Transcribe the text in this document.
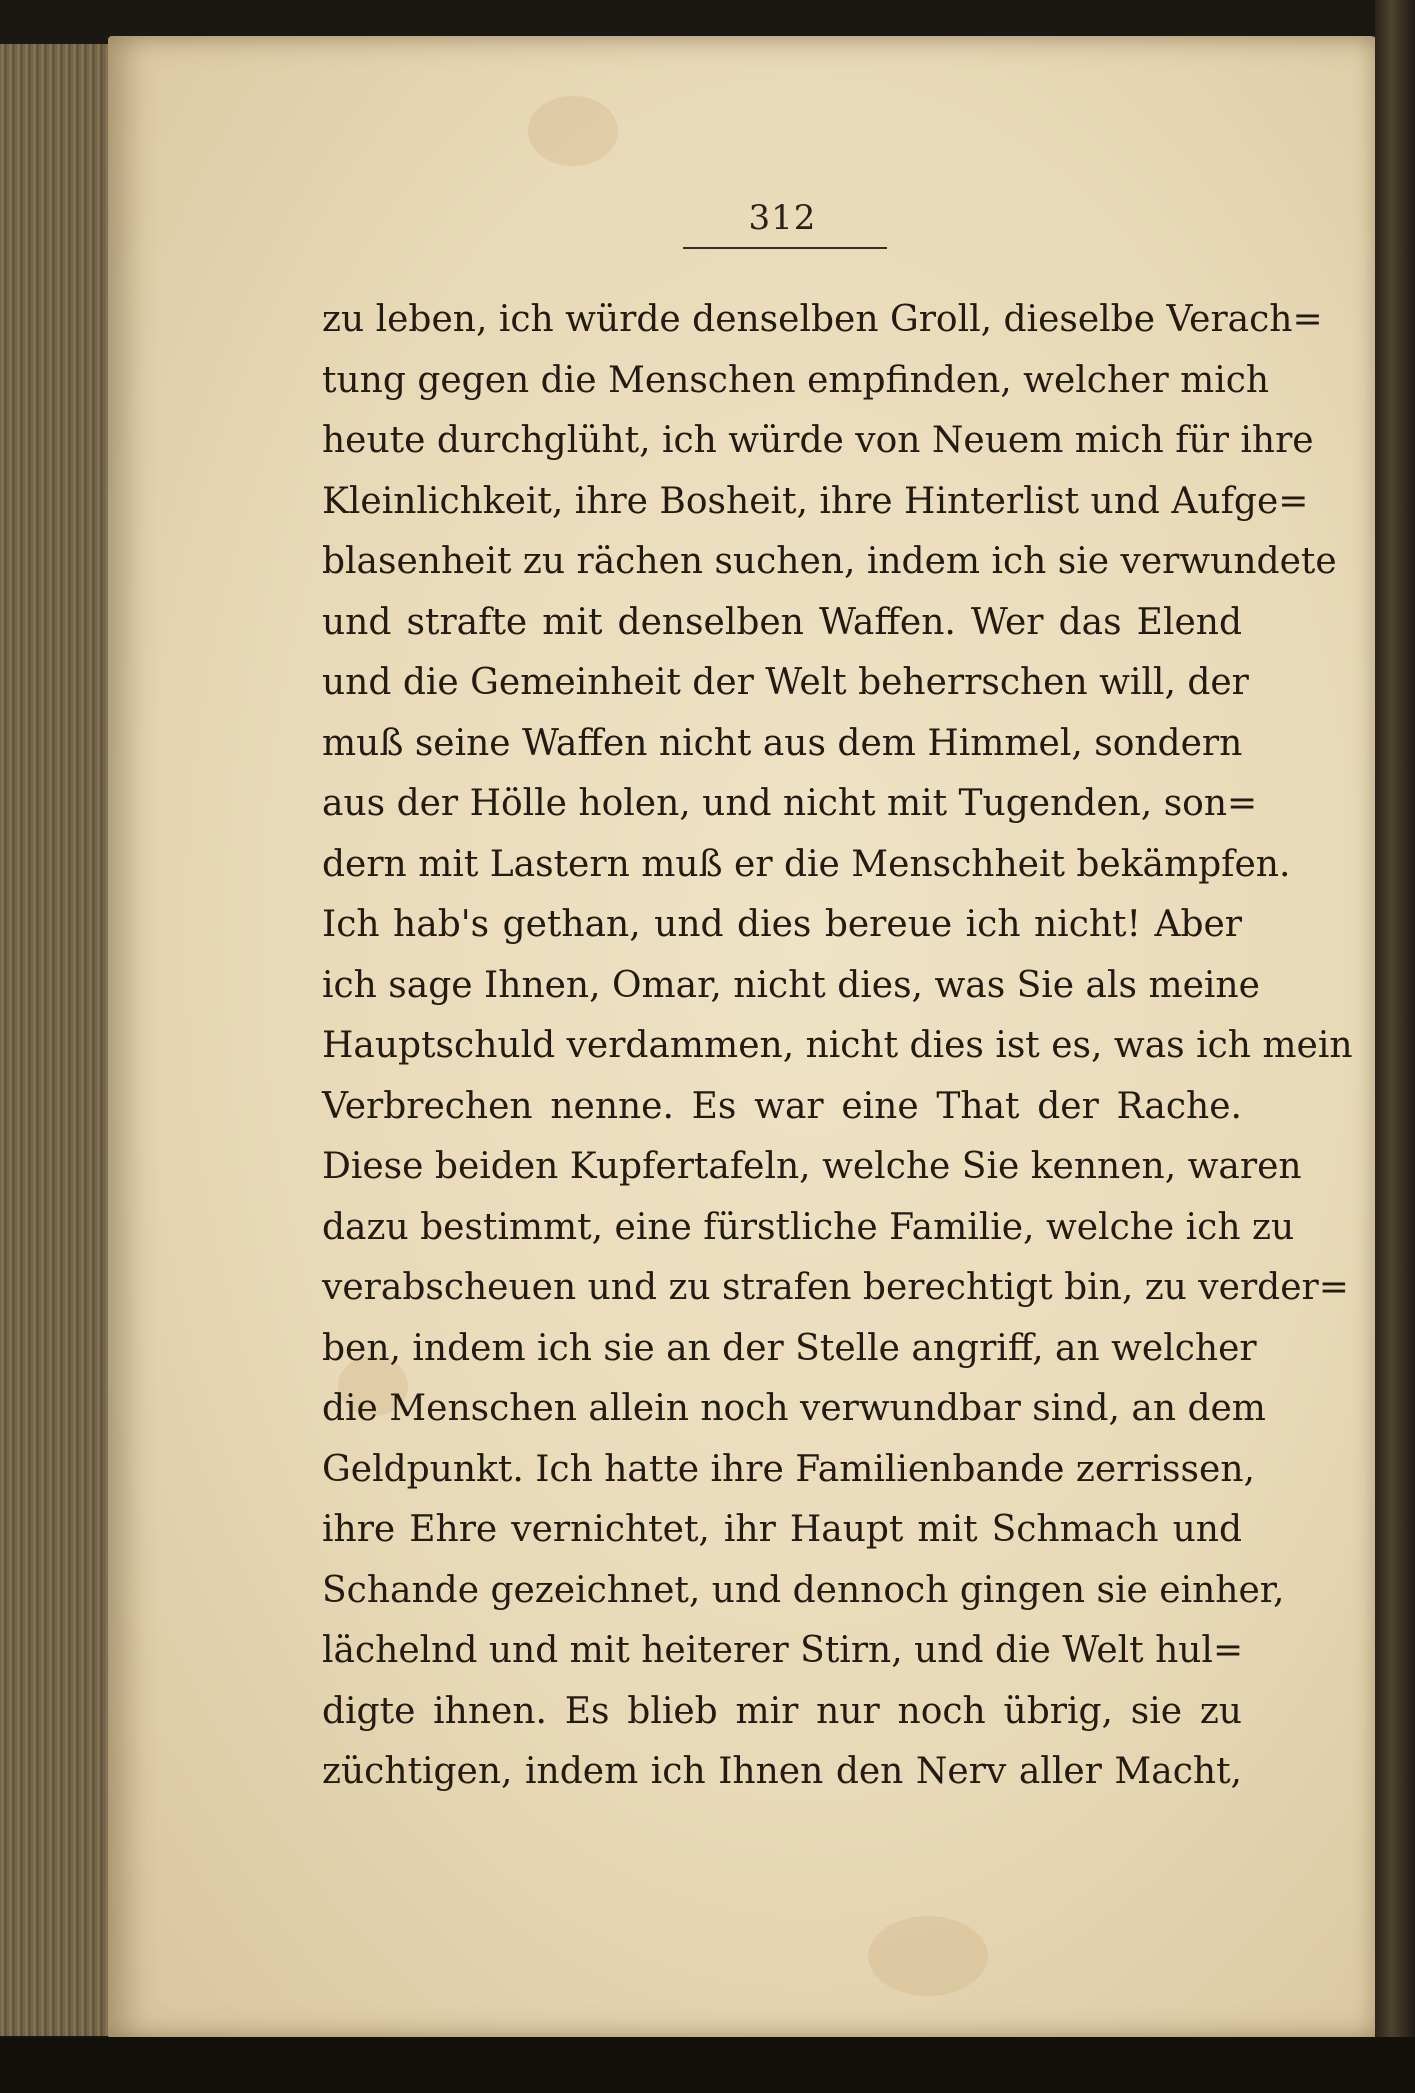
312
zu leben, ich würde denselben Groll, dieselbe Verach=
tung gegen die Menschen empfinden, welcher mich
heute durchglüht, ich würde von Neuem mich für ihre
Kleinlichkeit, ihre Bosheit, ihre Hinterlist und Aufge=
blasenheit zu rächen suchen, indem ich sie verwundete
und strafte mit denselben Waffen. Wer das Elend
und die Gemeinheit der Welt beherrschen will, der
muß seine Waffen nicht aus dem Himmel, sondern
aus der Hölle holen, und nicht mit Tugenden, son=
dern mit Lastern muß er die Menschheit bekämpfen.
Ich hab's gethan, und dies bereue ich nicht! Aber
ich sage Ihnen, Omar, nicht dies, was Sie als meine
Hauptschuld verdammen, nicht dies ist es, was ich mein
Verbrechen nenne. Es war eine That der Rache.
Diese beiden Kupfertafeln, welche Sie kennen, waren
dazu bestimmt, eine fürstliche Familie, welche ich zu
verabscheuen und zu strafen berechtigt bin, zu verder=
ben, indem ich sie an der Stelle angriff, an welcher
die Menschen allein noch verwundbar sind, an dem
Geldpunkt. Ich hatte ihre Familienbande zerrissen,
ihre Ehre vernichtet, ihr Haupt mit Schmach und
Schande gezeichnet, und dennoch gingen sie einher,
lächelnd und mit heiterer Stirn, und die Welt hul=
digte ihnen. Es blieb mir nur noch übrig, sie zu
züchtigen, indem ich Ihnen den Nerv aller Macht,
